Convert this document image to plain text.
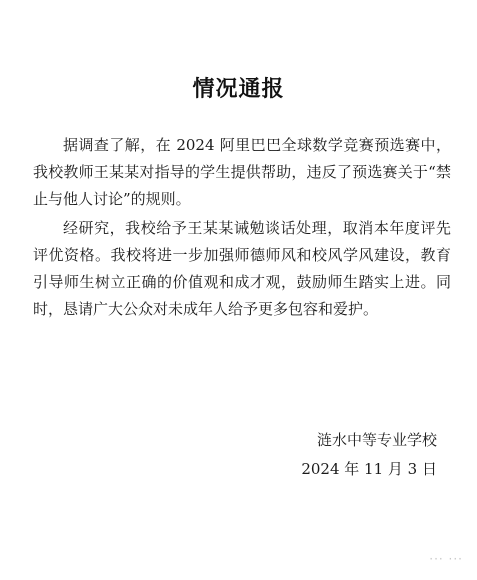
情况通报

据调查了解，在 2024 阿里巴巴全球数学竞赛预选赛中，我校教师王某某对指导的学生提供帮助，违反了预选赛关于“禁止与他人讨论”的规则。

经研究，我校给予王某某诫勉谈话处理，取消本年度评先评优资格。我校将进一步加强师德师风和校风学风建设，教育引导师生树立正确的价值观和成才观，鼓励师生踏实上进。同时，恳请广大公众对未成年人给予更多包容和爱护。

涟水中等专业学校
2024 年 11 月 3 日
··· ···
